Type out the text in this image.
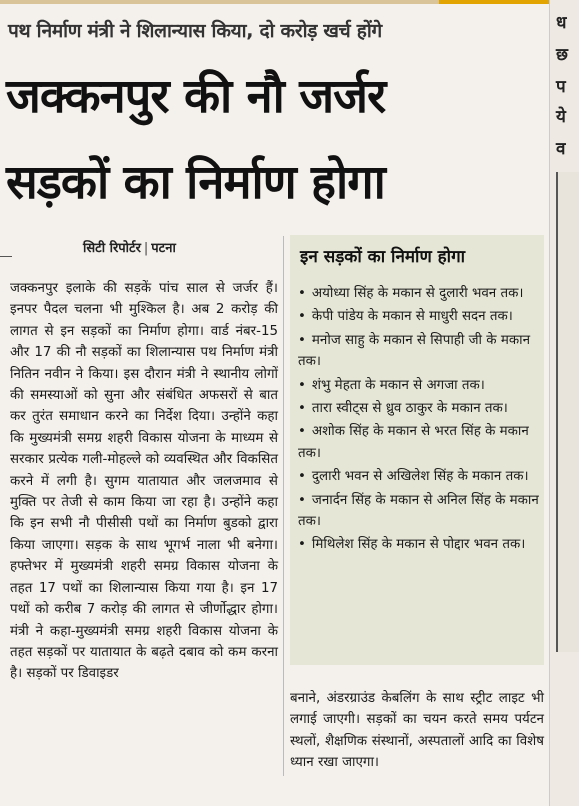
पथ निर्माण मंत्री ने शिलान्यास किया, दो करोड़ खर्च होंगे
जक्कनपुर की नौ जर्जर
सड़कों का निर्माण होगा
सिटी रिपोर्टर | पटना
जक्कनपुर इलाके की सड़कें पांच साल से जर्जर हैं। इनपर पैदल चलना भी मुश्किल है। अब 2 करोड़ की लागत से इन सड़कों का निर्माण होगा। वार्ड नंबर-15 और 17 की नौ सड़कों का शिलान्यास पथ निर्माण मंत्री नितिन नवीन ने किया। इस दौरान मंत्री ने स्थानीय लोगों की समस्याओं को सुना और संबंधित अफसरों से बात कर तुरंत समाधान करने का निर्देश दिया। उन्होंने कहा कि मुख्यमंत्री समग्र शहरी विकास योजना के माध्यम से सरकार प्रत्येक गली-मोहल्ले को व्यवस्थित और विकसित करने में लगी है। सुगम यातायात और जलजमाव से मुक्ति पर तेजी से काम किया जा रहा है। उन्होंने कहा कि इन सभी नौ पीसीसी पथों का निर्माण बुडको द्वारा किया जाएगा। सड़क के साथ भूगर्भ नाला भी बनेगा। हफ्तेभर में मुख्यमंत्री शहरी समग्र विकास योजना के तहत 17 पथों का शिलान्यास किया गया है। इन 17 पथों को करीब 7 करोड़ की लागत से जीर्णोद्धार होगा। मंत्री ने कहा-मुख्यमंत्री समग्र शहरी विकास योजना के तहत सड़कों पर यातायात के बढ़ते दबाव को कम करना है। सड़कों पर डिवाइडर
इन सड़कों का निर्माण होगा
• अयोध्या सिंह के मकान से दुलारी भवन तक।
• केपी पांडेय के मकान से माधुरी सदन तक।
• मनोज साहु के मकान से सिपाही जी के मकान तक।
• शंभु मेहता के मकान से अगजा तक।
• तारा स्वीट्स से ध्रुव ठाकुर के मकान तक।
• अशोक सिंह के मकान से भरत सिंह के मकान तक।
• दुलारी भवन से अखिलेश सिंह के मकान तक।
• जनार्दन सिंह के मकान से अनिल सिंह के मकान तक।
• मिथिलेश सिंह के मकान से पोद्दार भवन तक।
बनाने, अंडरग्राउंड केबलिंग के साथ स्ट्रीट लाइट भी लगाई जाएगी। सड़कों का चयन करते समय पर्यटन स्थलों, शैक्षणिक संस्थानों, अस्पतालों आदि का विशेष ध्यान रखा जाएगा।
ध
छ
प
ये
व
